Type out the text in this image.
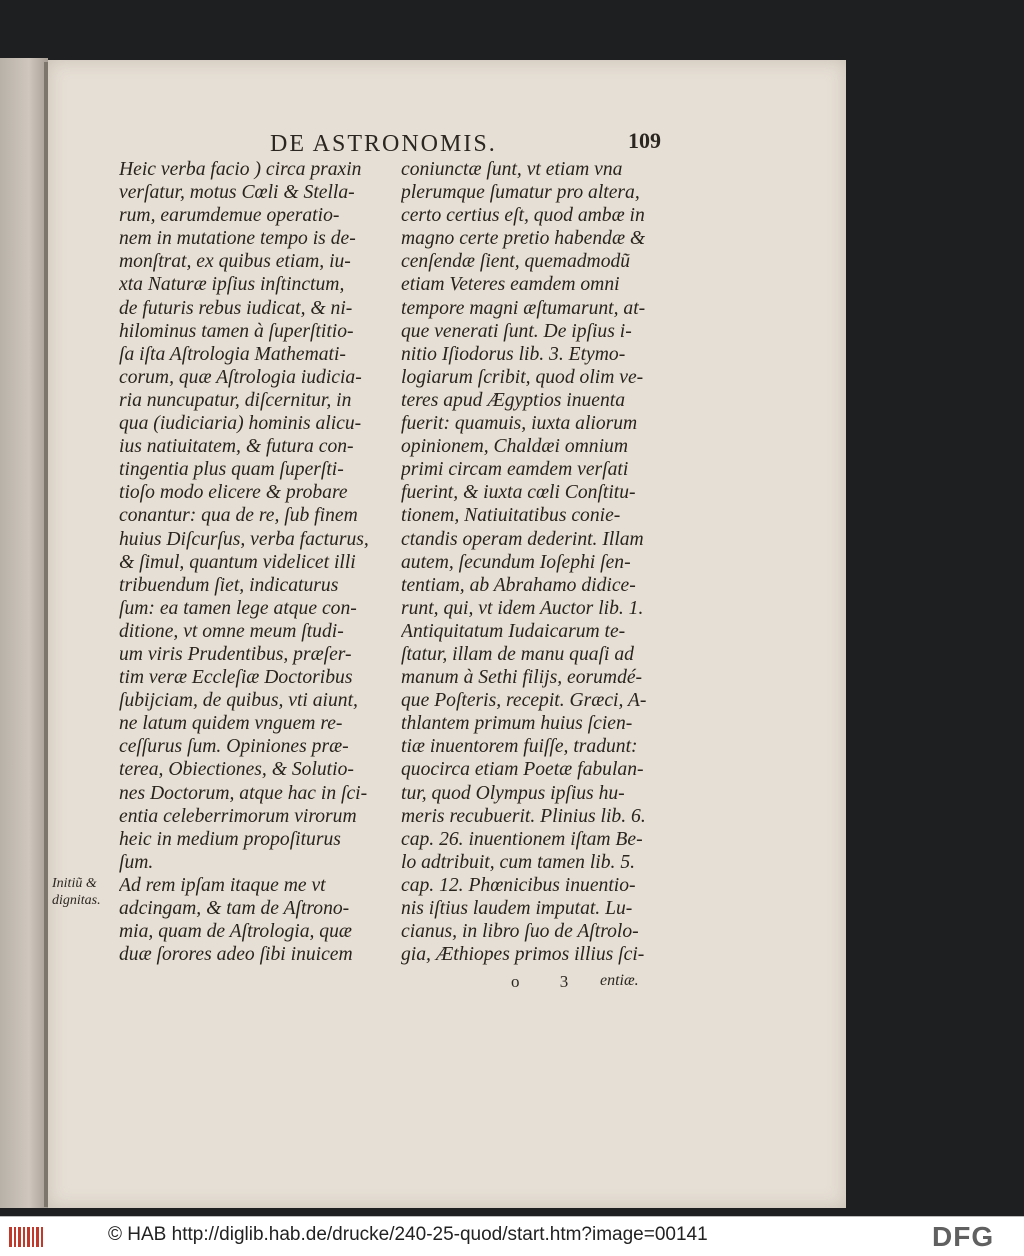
DE ASTRONOMIS.	109
Heic verba facio ) circa praxin
verſatur, motus Cœli & Stella-
rum, earumdemue operatio-
nem in mutatione tempo is de-
monſtrat, ex quibus etiam, iu-
xta Naturæ ipſius inſtinctum,
de futuris rebus iudicat, & ni-
hilominus tamen à ſuperſtitio-
ſa iſta Aſtrologia Mathemati-
corum, quæ Aſtrologia iudicia-
ria nuncupatur, diſcernitur, in
qua (iudiciaria) hominis alicu-
ius natiuitatem, & futura con-
tingentia plus quam ſuperſti-
tioſo modo elicere & probare
conantur: qua de re, ſub finem
huius Diſcurſus, verba facturus,
& ſimul, quantum videlicet illi
tribuendum ſiet, indicaturus
ſum: ea tamen lege atque con-
ditione, vt omne meum ſtudi-
um viris Prudentibus, præſer-
tim veræ Eccleſiæ Doctoribus
ſubijciam, de quibus, vti aiunt,
ne latum quidem vnguem re-
ceſſurus ſum. Opiniones præ-
terea, Obiectiones, & Solutio-
nes Doctorum, atque hac in ſci-
entia celeberrimorum virorum
heic in medium propoſiturus
ſum.
Ad rem ipſam itaque me vt
adcingam, & tam de Aſtrono-
mia, quam de Aſtrologia, quæ
duæ ſorores adeo ſibi inuicem
coniunctæ ſunt, vt etiam vna
plerumque ſumatur pro altera,
certo certius eſt, quod ambæ in
magno certe pretio habendæ &
cenſendæ ſient, quemadmodũ
etiam Veteres eamdem omni
tempore magni æſtumarunt, at-
que venerati ſunt. De ipſius i-
nitio Iſiodorus lib. 3. Etymo-
logiarum ſcribit, quod olim ve-
teres apud Ægyptios inuenta
fuerit: quamuis, iuxta aliorum
opinionem, Chaldæi omnium
primi circam eamdem verſati
fuerint, & iuxta cœli Conſtitu-
tionem, Natiuitatibus conie-
ctandis operam dederint. Illam
autem, ſecundum Ioſephi ſen-
tentiam, ab Abrahamo didice-
runt, qui, vt idem Auctor lib. 1.
Antiquitatum Iudaicarum te-
ſtatur, illam de manu quaſi ad
manum à Sethi filijs, eorumdé-
que Poſteris, recepit. Græci, A-
thlantem primum huius ſcien-
tiæ inuentorem fuiſſe, tradunt:
quocirca etiam Poetæ fabulan-
tur, quod Olympus ipſius hu-
meris recubuerit. Plinius lib. 6.
cap. 26. inuentionem iſtam Be-
lo adtribuit, cum tamen lib. 5.
cap. 12. Phœnicibus inuentio-
nis iſtius laudem imputat. Lu-
cianus, in libro ſuo de Aſtrolo-
gia, Æthiopes primos illius ſci-
Initiũ &
dignitas.
o 3 entiæ.
© HAB http://diglib.hab.de/drucke/240-25-quod/start.htm?image=00141	DFG
